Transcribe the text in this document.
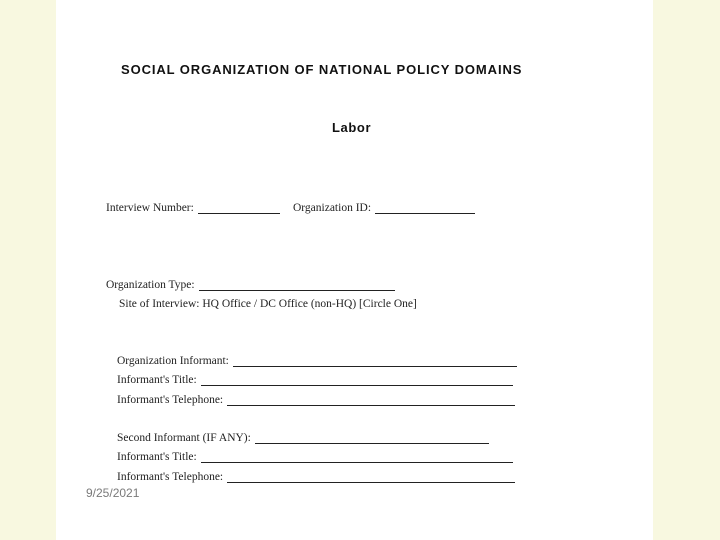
SOCIAL ORGANIZATION OF NATIONAL POLICY DOMAINS
Labor
Interview Number:	Organization ID:
Organization Type:
Site of Interview: HQ Office / DC Office (non-HQ) [Circle One]
Organization Informant:
Informant's Title:
Informant's Telephone:
Second Informant (IF ANY):
Informant's Title:
Informant's Telephone:
9/25/2021
